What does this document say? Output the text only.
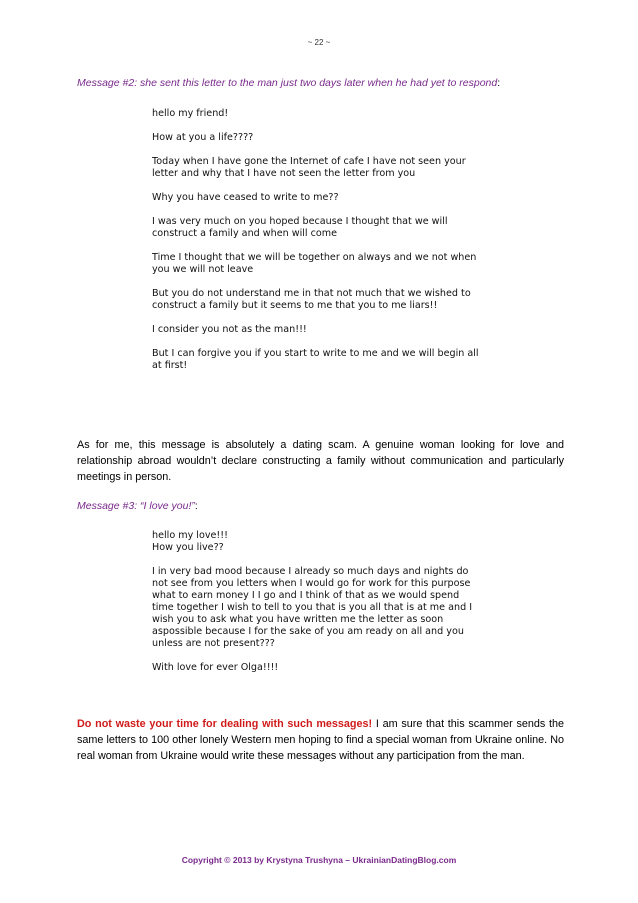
~ 22 ~
Message #2: she sent this letter to the man just two days later when he had yet to respond:

hello my friend!

How at you a life????

Today when I have gone the Internet of cafe I have not seen your letter and why that I have not seen the letter from you

Why you have ceased to write to me??

I was very much on you hoped because I thought that we will construct a family and when will come

Time I thought that we will be together on always and we not when you we will not leave

But you do not understand me in that not much that we wished to construct a family but it seems to me that you to me liars!!

I consider you not as the man!!!

But I can forgive you if you start to write to me and we will begin all at first!

As for me, this message is absolutely a dating scam. A genuine woman looking for love and relationship abroad wouldn’t declare constructing a family without communication and particularly meetings in person.
Message #3: “I love you!”:

hello my love!!!
How you live??

I in very bad mood because I already so much days and nights do not see from you letters when I would go for work for this purpose what to earn money I I go and I think of that as we would spend time together I wish to tell to you that is you all that is at me and I wish you to ask what you have written me the letter as soon aspossible because I for the sake of you am ready on all and you unless are not present???

With love for ever Olga!!!!

Do not waste your time for dealing with such messages! I am sure that this scammer sends the same letters to 100 other lonely Western men hoping to find a special woman from Ukraine online. No real woman from Ukraine would write these messages without any participation from the man.
Copyright © 2013 by Krystyna Trushyna – UkrainianDatingBlog.com
